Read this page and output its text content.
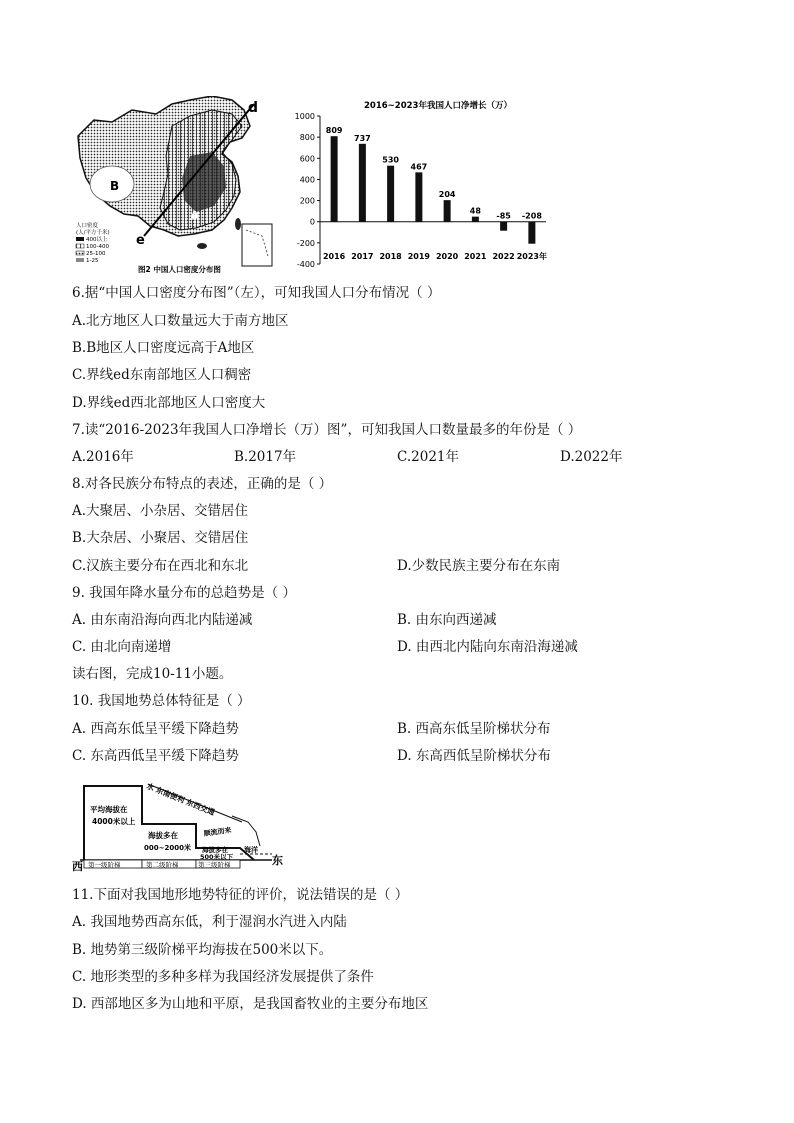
d
e
B
A
人口密度
(人/平方千米)
400以上
100-400
25-100
1-25
图2 中国人口密度分布图
2016~2023年我国人口净增长（万）
1000
800
600
400
200
0
-200
-400
809
2016
737
2017
530
2018
467
2019
204
2020
48
2021
-85
2022
-208
2023年
6.据“中国人口密度分布图”（左），可知我国人口分布情况（ ）
A.北方地区人口数量远大于南方地区
B.B地区人口密度远高于A地区
C.界线ed东南部地区人口稠密
D.界线ed西北部地区人口密度大
7.读“2016-2023年我国人口净增长（万）图”，可知我国人口数量最多的年份是（ ）
A.2016年	B.2017年	C.2021年	D.2022年
8.对各民族分布特点的表述，正确的是（ ）
A.大聚居、小杂居、交错居住
B.大杂居、小聚居、交错居住
C.汉族主要分布在西北和东北	D.少数民族主要分布在东南
9. 我国年降水量分布的总趋势是（ ）
A. 由东南沿海向西北内陆递减	B. 由东向西递减
C. 由北向南递增	D. 由西北内陆向东南沿海递减
读右图，完成10-11小题。
10. 我国地势总体特征是（ ）
A. 西高东低呈平缓下降趋势	B. 西高东低呈阶梯状分布
C. 东高西低呈平缓下降趋势	D. 东高西低呈阶梯状分布
平均海拔在
4000米以上
海拔多在
000~2000米 海拔多在
500米以下
第一级阶梯	第二级阶梯	第三级阶梯
水 东南便利 东西交通
顺流而来
海洋
西	东
11.下面对我国地形地势特征的评价，说法错误的是（ ）
A. 我国地势西高东低，利于湿润水汽进入内陆
B. 地势第三级阶梯平均海拔在500米以下。
C. 地形类型的多种多样为我国经济发展提供了条件
D. 西部地区多为山地和平原，是我国畜牧业的主要分布地区
